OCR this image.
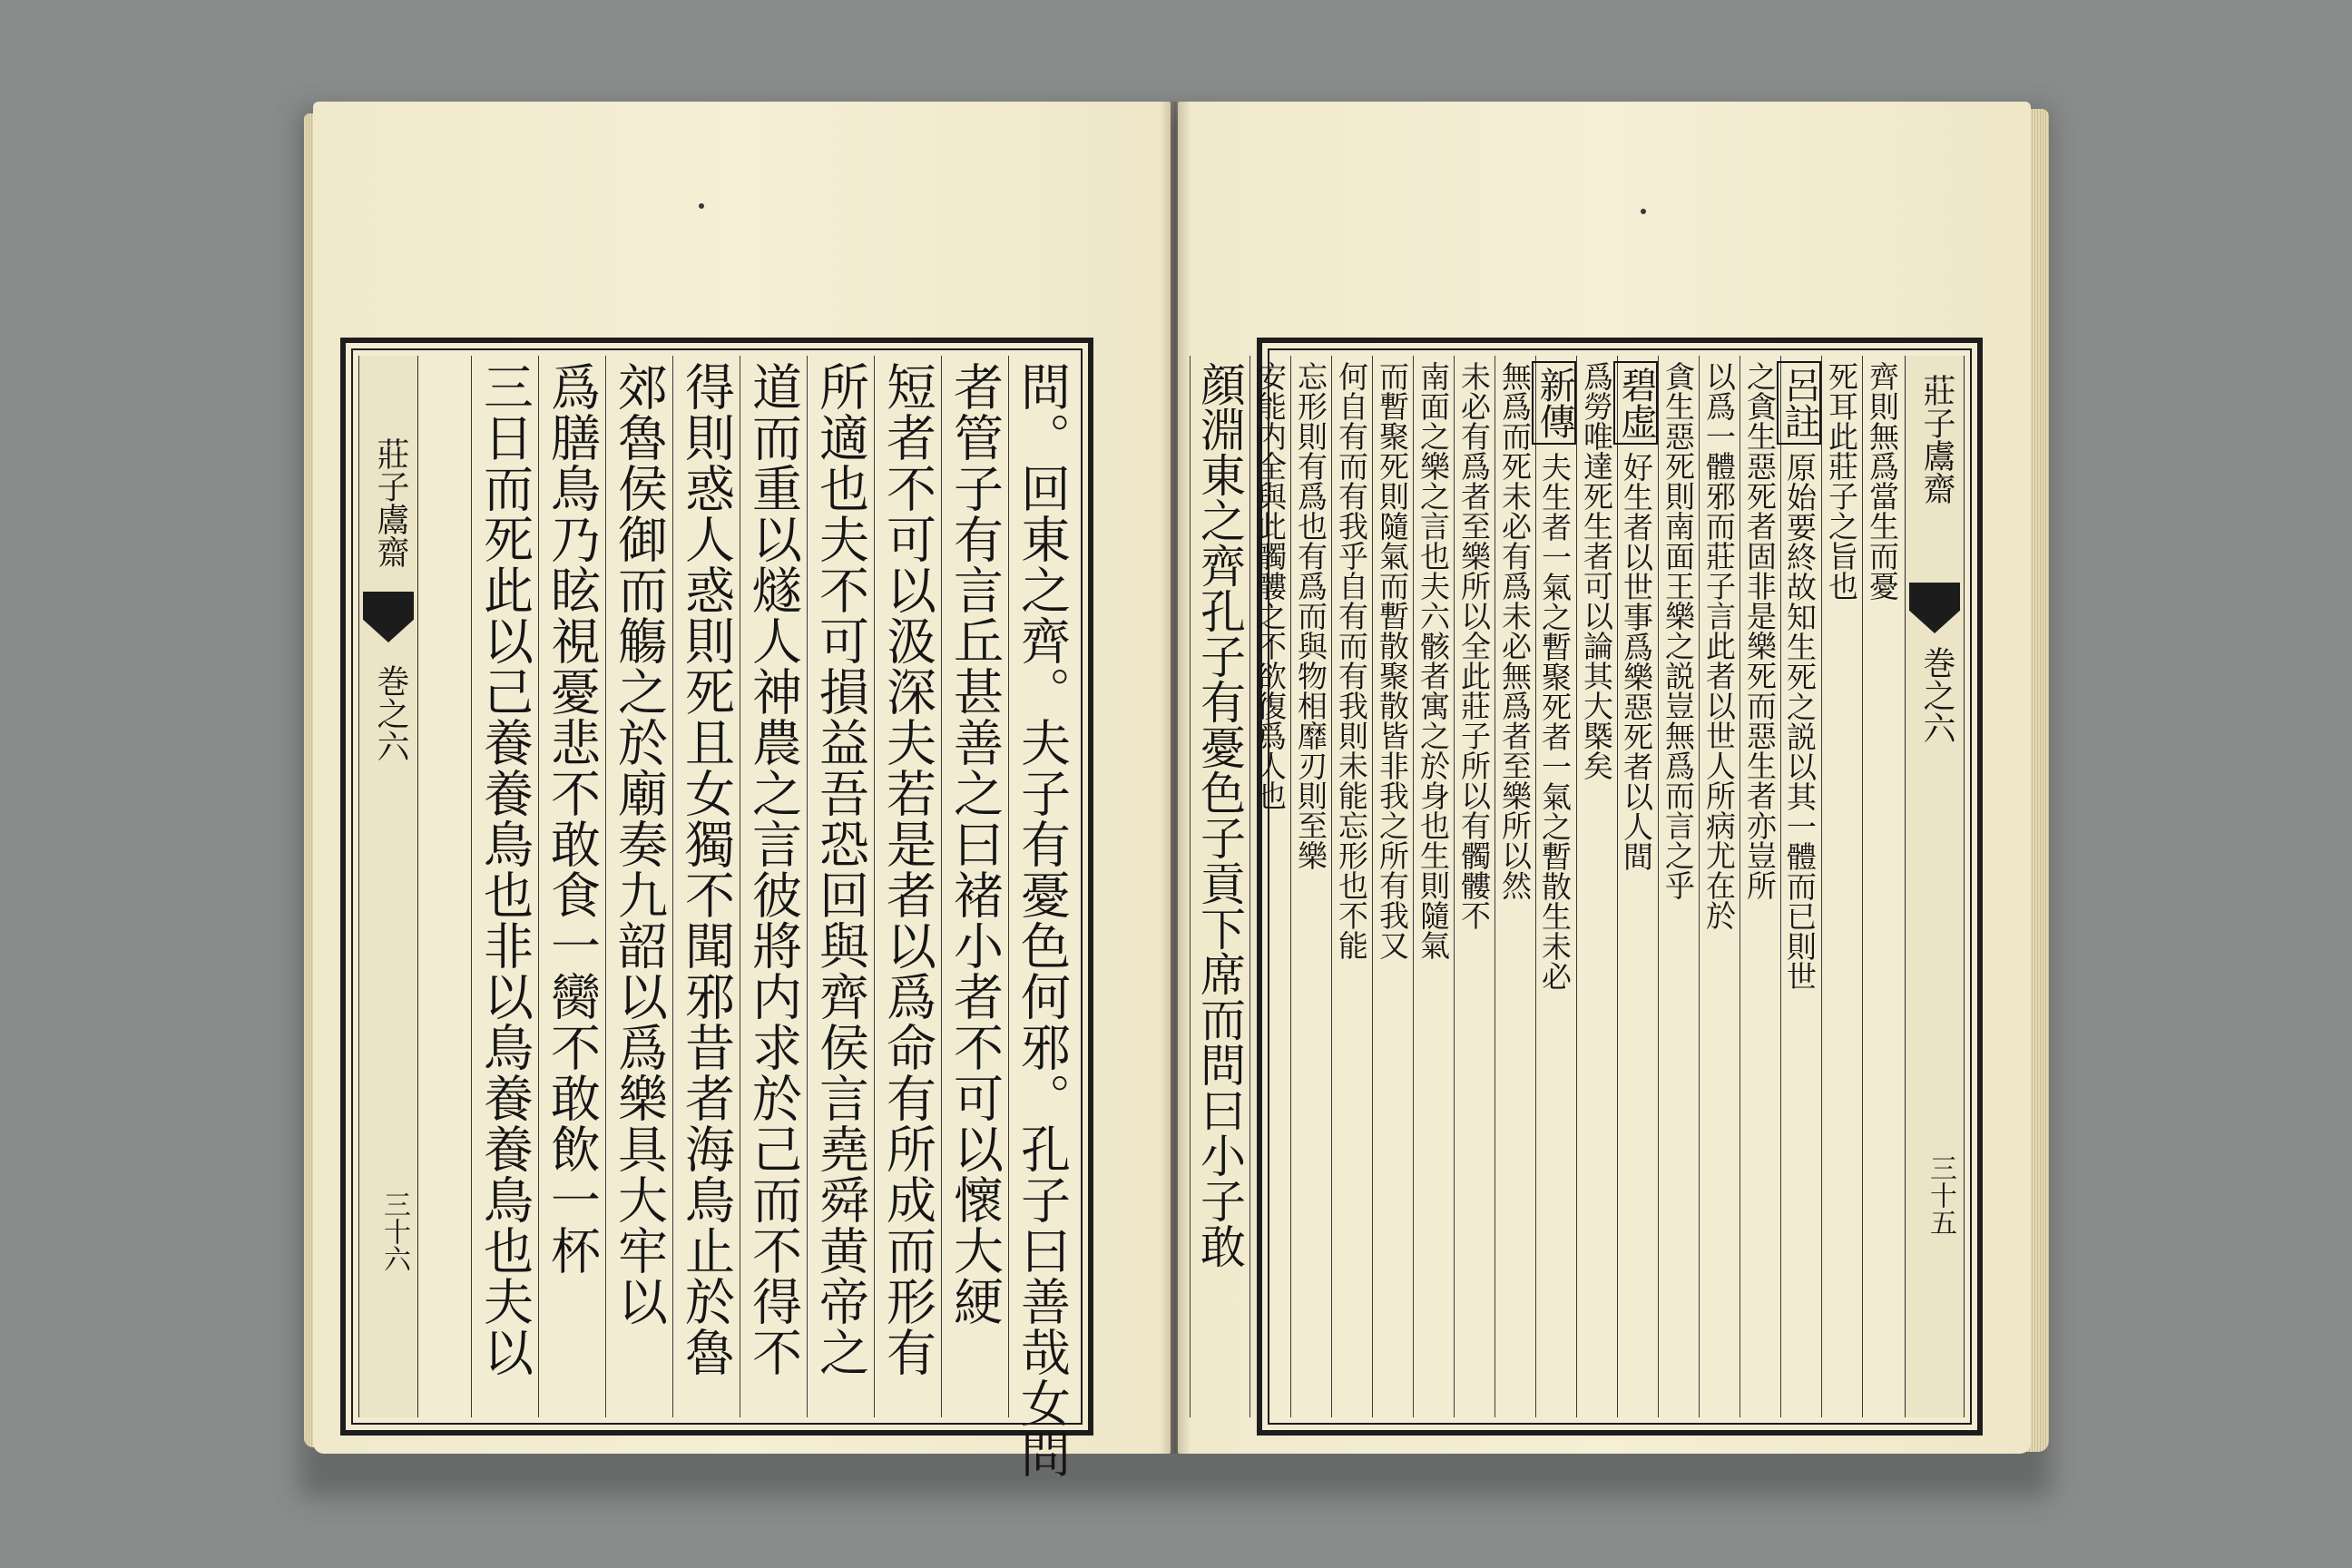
莊子鬳齋
巻之六
三十六	問。回東之齊。夫子有憂色何邪。孔子曰善哉女問
者管子有言丘甚善之曰褚小者不可以懷大綆
短者不可以汲深夫若是者以爲命有所成而形有
所適也夫不可損益吾恐回與齊侯言堯舜黄帝之
道而重以燧人神農之言彼將内求於己而不得不
得則惑人惑則死且女獨不聞邪昔者海鳥止於魯
郊魯侯御而觴之於廟奏九韶以爲樂具大牢以
爲膳鳥乃眩視憂悲不敢食一臠不敢飲一杯
三日而死此以己養養鳥也非以鳥養養鳥也夫以	莊子鬳齋
巻之六
三十五
齊則無爲當生而憂
死耳此莊子之旨也
呂註原始要終故知生死之説以其一體而已則世
之貪生惡死者固非是樂死而惡生者亦豈所
以爲一體邪而莊子言此者以世人所病尤在於
貪生惡死則南面王樂之説豈無爲而言之乎
碧虚好生者以世事爲樂惡死者以人間
爲勞唯達死生者可以論其大槩矣
新傳夫生者一氣之暫聚死者一氣之暫散生未必
無爲而死未必有爲未必無爲者至樂所以然
未必有爲者至樂所以全此莊子所以有髑髏不
南面之樂之言也夫六骸者寓之於身也生則隨氣
而暫聚死則隨氣而暫散聚散皆非我之所有我又
何自有而有我乎自有而有我則未能忘形也不能
忘形則有爲也有爲而與物相靡刃則至樂
安能内全與此髑髏之不欲復爲人也
顔淵東之齊孔子有憂色子貢下席而問曰小子敢
